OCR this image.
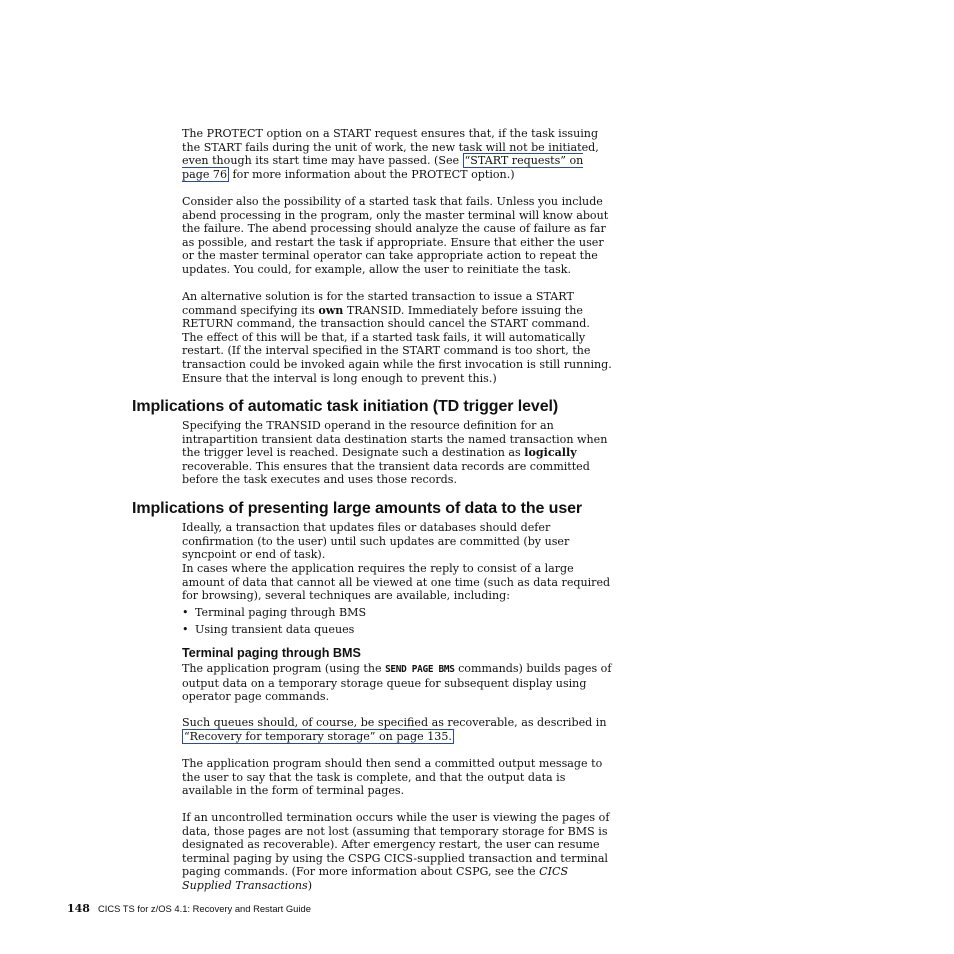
The PROTECT option on a START request ensures that, if the task issuing the START fails during the unit of work, the new task will not be initiated, even though its start time may have passed. (See “START requests” on page 76 for more information about the PROTECT option.)

Consider also the possibility of a started task that fails. Unless you include abend processing in the program, only the master terminal will know about the failure. The abend processing should analyze the cause of failure as far as possible, and restart the task if appropriate. Ensure that either the user or the master terminal operator can take appropriate action to repeat the updates. You could, for example, allow the user to reinitiate the task.

An alternative solution is for the started transaction to issue a START command specifying its own TRANSID. Immediately before issuing the RETURN command, the transaction should cancel the START command. The effect of this will be that, if a started task fails, it will automatically restart. (If the interval specified in the START command is too short, the transaction could be invoked again while the first invocation is still running. Ensure that the interval is long enough to prevent this.)

Implications of automatic task initiation (TD trigger level)

Specifying the TRANSID operand in the resource definition for an intrapartition transient data destination starts the named transaction when the trigger level is reached. Designate such a destination as logically recoverable. This ensures that the transient data records are committed before the task executes and uses those records.

Implications of presenting large amounts of data to the user

Ideally, a transaction that updates files or databases should defer confirmation (to the user) until such updates are committed (by user syncpoint or end of task).

In cases where the application requires the reply to consist of a large amount of data that cannot all be viewed at one time (such as data required for browsing), several techniques are available, including:

• Terminal paging through BMS
• Using transient data queues
Terminal paging through BMS

The application program (using the SEND PAGE BMS commands) builds pages of output data on a temporary storage queue for subsequent display using operator page commands.

Such queues should, of course, be specified as recoverable, as described in “Recovery for temporary storage” on page 135.

The application program should then send a committed output message to the user to say that the task is complete, and that the output data is available in the form of terminal pages.

If an uncontrolled termination occurs while the user is viewing the pages of data, those pages are not lost (assuming that temporary storage for BMS is designated as recoverable). After emergency restart, the user can resume terminal paging by using the CSPG CICS-supplied transaction and terminal paging commands. (For more information about CSPG, see the CICS Supplied Transactions)

148 CICS TS for z/OS 4.1: Recovery and Restart Guide
